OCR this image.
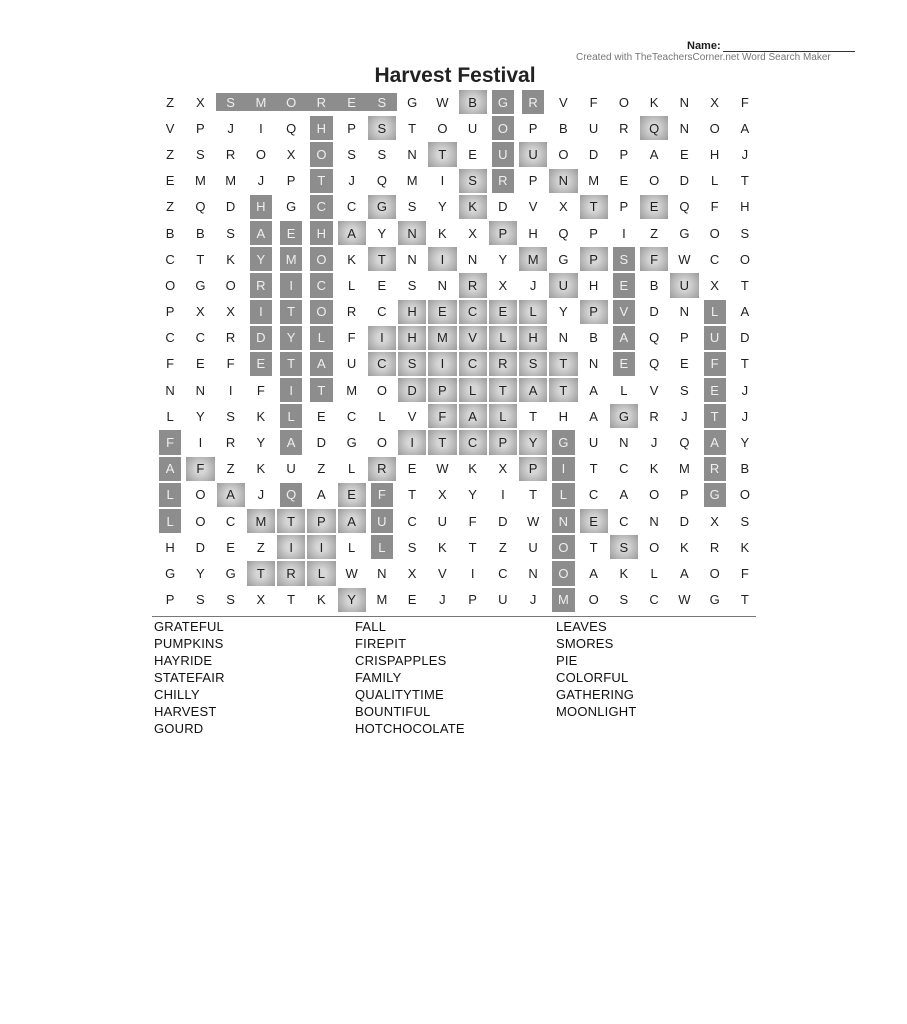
Name:
Created with TheTeachersCorner.net Word Search Maker
Harvest Festival
Z	X	S	M	O	R	E	S	G	W	B	G	R	V	F	O	K	N	X	F
V	P	J	I	Q	H	P	S	T	O	U	O	P	B	U	R	Q	N	O	A
Z	S	R	O	X	O	S	S	N	T	E	U	U	O	D	P	A	E	H	J
E	M	M	J	P	T	J	Q	M	I	S	R	P	N	M	E	O	D	L	T
Z	Q	D	H	G	C	C	G	S	Y	K	D	V	X	T	P	E	Q	F	H
B	B	S	A	E	H	A	Y	N	K	X	P	H	Q	P	I	Z	G	O	S
C	T	K	Y	M	O	K	T	N	I	N	Y	M	G	P	S	F	W	C	O
O	G	O	R	I	C	L	E	S	N	R	X	J	U	H	E	B	U	X	T
P	X	X	I	T	O	R	C	H	E	C	E	L	Y	P	V	D	N	L	A
C	C	R	D	Y	L	F	I	H	M	V	L	H	N	B	A	Q	P	U	D
F	E	F	E	T	A	U	C	S	I	C	R	S	T	N	E	Q	E	F	T
N	N	I	F	I	T	M	O	D	P	L	T	A	T	A	L	V	S	E	J
L	Y	S	K	L	E	C	L	V	F	A	L	T	H	A	G	R	J	T	J
F	I	R	Y	A	D	G	O	I	T	C	P	Y	G	U	N	J	Q	A	Y
A	F	Z	K	U	Z	L	R	E	W	K	X	P	I	T	C	K	M	R	B
L	O	A	J	Q	A	E	F	T	X	Y	I	T	L	C	A	O	P	G	O
L	O	C	M	T	P	A	U	C	U	F	D	W	N	E	C	N	D	X	S
H	D	E	Z	I	I	L	L	S	K	T	Z	U	O	T	S	O	K	R	K
G	Y	G	T	R	L	W	N	X	V	I	C	N	O	A	K	L	A	O	F
P	S	S	X	T	K	Y	M	E	J	P	U	J	M	O	S	C	W	G	T
GRATEFUL	FALL	LEAVES
PUMPKINS	FIREPIT	SMORES
HAYRIDE	CRISPAPPLES	PIE
STATEFAIR	FAMILY	COLORFUL
CHILLY	QUALITYTIME	GATHERING
HARVEST	BOUNTIFUL	MOONLIGHT
GOURD	HOTCHOCOLATE
